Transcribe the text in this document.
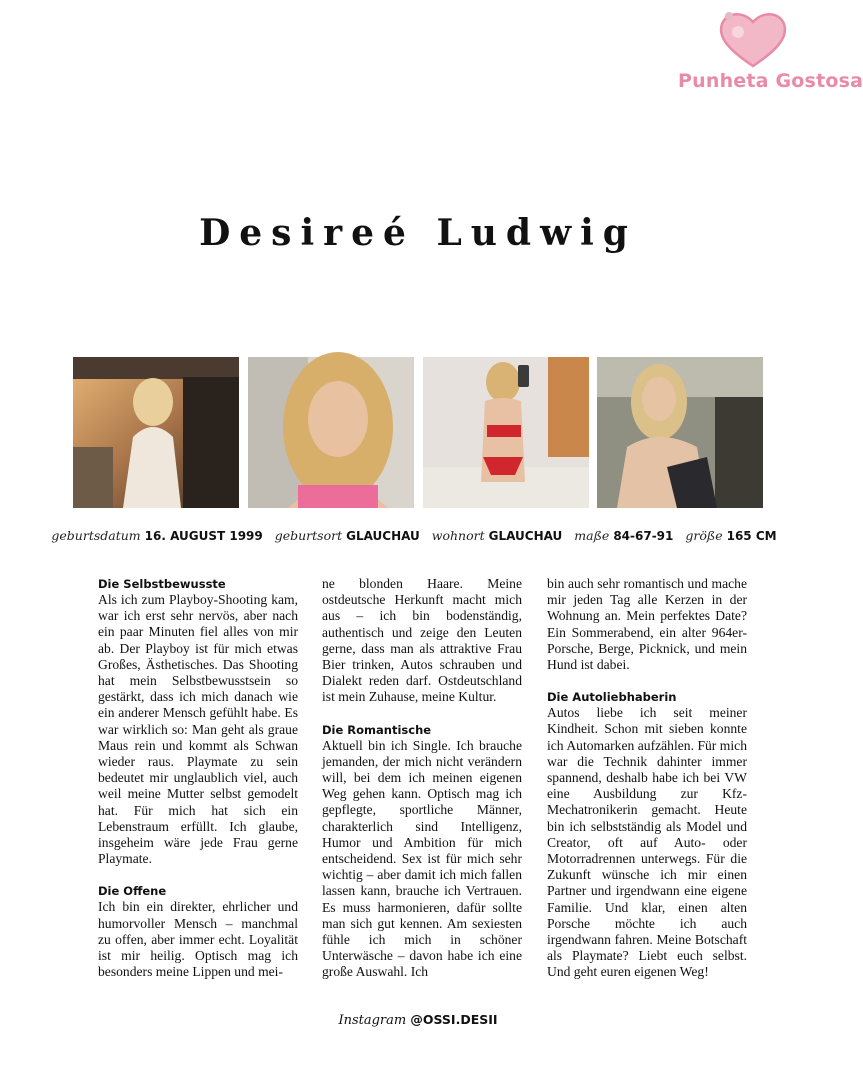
Punheta Gostosa
Desireé Ludwig
geburtsdatum 16. AUGUST 1999 geburtsort GLAUCHAU wohnort GLAUCHAU maße 84-67-91 größe 165 CM
Die Selbstbewusste

Als ich zum Playboy-Shooting kam, war ich erst sehr nervös, aber nach ein paar Minuten fiel alles von mir ab. Der Playboy ist für mich etwas Großes, Ästhetisches. Das Shooting hat mein Selbstbewusstsein so gestärkt, dass ich mich danach wie ein anderer Mensch gefühlt habe. Es war wirklich so: Man geht als graue Maus rein und kommt als Schwan wieder raus. Playmate zu sein bedeutet mir unglaublich viel, auch weil meine Mutter selbst gemodelt hat. Für mich hat sich ein Lebenstraum erfüllt. Ich glaube, insgeheim wäre jede Frau gerne Playmate.

Die Offene

Ich bin ein direkter, ehrlicher und humorvoller Mensch – manchmal zu offen, aber immer echt. Loyalität ist mir heilig. Optisch mag ich besonders meine Lippen und mei-

ne blonden Haare. Meine ostdeutsche Herkunft macht mich aus – ich bin bodenständig, authentisch und zeige den Leuten gerne, dass man als attraktive Frau Bier trinken, Autos schrauben und Dialekt reden darf. Ostdeutschland ist mein Zuhause, meine Kultur.

Die Romantische

Aktuell bin ich Single. Ich brauche jemanden, der mich nicht verändern will, bei dem ich meinen eigenen Weg gehen kann. Optisch mag ich gepflegte, sportliche Männer, charakterlich sind Intelligenz, Humor und Ambition für mich entscheidend. Sex ist für mich sehr wichtig – aber damit ich mich fallen lassen kann, brauche ich Vertrauen. Es muss harmonieren, dafür sollte man sich gut kennen. Am sexiesten fühle ich mich in schöner Unterwäsche – davon habe ich eine große Auswahl. Ich

bin auch sehr romantisch und mache mir jeden Tag alle Kerzen in der Wohnung an. Mein perfektes Date? Ein Sommerabend, ein alter 964er-Porsche, Berge, Picknick, und mein Hund ist dabei.

Die Autoliebhaberin

Autos liebe ich seit meiner Kindheit. Schon mit sieben konnte ich Automarken aufzählen. Für mich war die Technik dahinter immer spannend, deshalb habe ich bei VW eine Ausbildung zur Kfz-Mechatronikerin gemacht. Heute bin ich selbstständig als Model und Creator, oft auf Auto- oder Motorradrennen unterwegs. Für die Zukunft wünsche ich mir einen Partner und irgendwann eine eigene Familie. Und klar, einen alten Porsche möchte ich auch irgendwann fahren. Meine Botschaft als Playmate? Liebt euch selbst. Und geht euren eigenen Weg!

Instagram @OSSI.DESII
